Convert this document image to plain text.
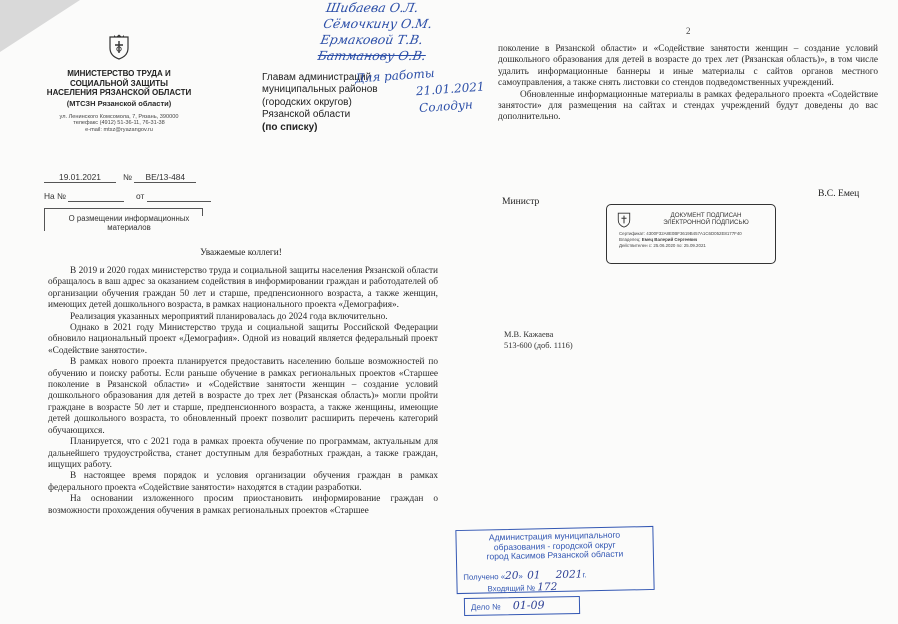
МИНИСТЕРСТВО ТРУДА И
СОЦИАЛЬНОЙ ЗАЩИТЫ
НАСЕЛЕНИЯ РЯЗАНСКОЙ ОБЛАСТИ
(МТСЗН Рязанской области)
ул. Ленинского Комсомола, 7, Рязань, 390000
телефакс (4912) 51-36-11, 76-31-38
e-mail: mtsz@ryazangov.ru
19.01.2021	№ ВЕ/13-484
На №	от
О размещении информационных
материалов
Главам администраций
муниципальных районов
(городских округов)
Рязанской области
(по списку)
Шибаева О.Л.
Сёмочкину О.М.
Ермаковой Т.В.
Батманову О.В.
Для работы
21.01.2021
Солодун
Уважаемые коллеги!

В 2019 и 2020 годах министерство труда и социальной защиты населения Рязанской области обращалось в ваш адрес за оказанием содействия в информировании граждан и работодателей об организации обучения граждан 50 лет и старше, предпенсионного возраста, а также женщин, имеющих детей дошкольного возраста, в рамках национального проекта «Демография».

Реализация указанных мероприятий планировалась до 2024 года включительно.

Однако в 2021 году Министерство труда и социальной защиты Российской Федерации обновило национальный проект «Демография». Одной из новаций является федеральный проект «Содействие занятости».

В рамках нового проекта планируется предоставить населению больше возможностей по обучению и поиску работы. Если раньше обучение в рамках региональных проектов «Старшее поколение в Рязанской области» и «Содействие занятости женщин – создание условий дошкольного образования для детей в возрасте до трех лет (Рязанская область)» могли пройти граждане в возрасте 50 лет и старше, предпенсионного возраста, а также женщины, имеющие детей дошкольного возраста, то обновленный проект позволит расширить перечень категорий обучающихся.

Планируется, что с 2021 года в рамках проекта обучение по программам, актуальным для дальнейшего трудоустройства, станет доступным для безработных граждан, а также граждан, ищущих работу.

В настоящее время порядок и условия организации обучения граждан в рамках федерального проекта «Содействие занятости» находятся в стадии разработки.

На основании изложенного просим приостановить информирование граждан о возможности прохождения обучения в рамках региональных проектов «Старшее

2

поколение в Рязанской области» и «Содействие занятости женщин – создание условий дошкольного образования для детей в возрасте до трех лет (Рязанская область)», в том числе удалить информационные баннеры и иные материалы с сайтов органов местного самоуправления, а также снять листовки со стендов подведомственных учреждений.

Обновленные информационные материалы в рамках федерального проекта «Содействие занятости» для размещения на сайтах и стендах учреждений будут доведены до вас дополнительно.

Министр
В.С. Емец
ДОКУМЕНТ ПОДПИСАН
ЭЛЕКТРОННОЙ ПОДПИСЬЮ
Сертификат: 4300F32A8E0BF3619B457A1C6D052E8177F40
Владелец: Емец Валерий Сергеевич
Действителен с: 25.06.2020 по: 25.09.2021
М.В. Кажаева
513-600 (доб. 1116)
Администрация муниципального
образования - городской округ
город Касимов Рязанской области
Получено «20»  01 2021г.
Входящий № 172
Дело № 01-09
